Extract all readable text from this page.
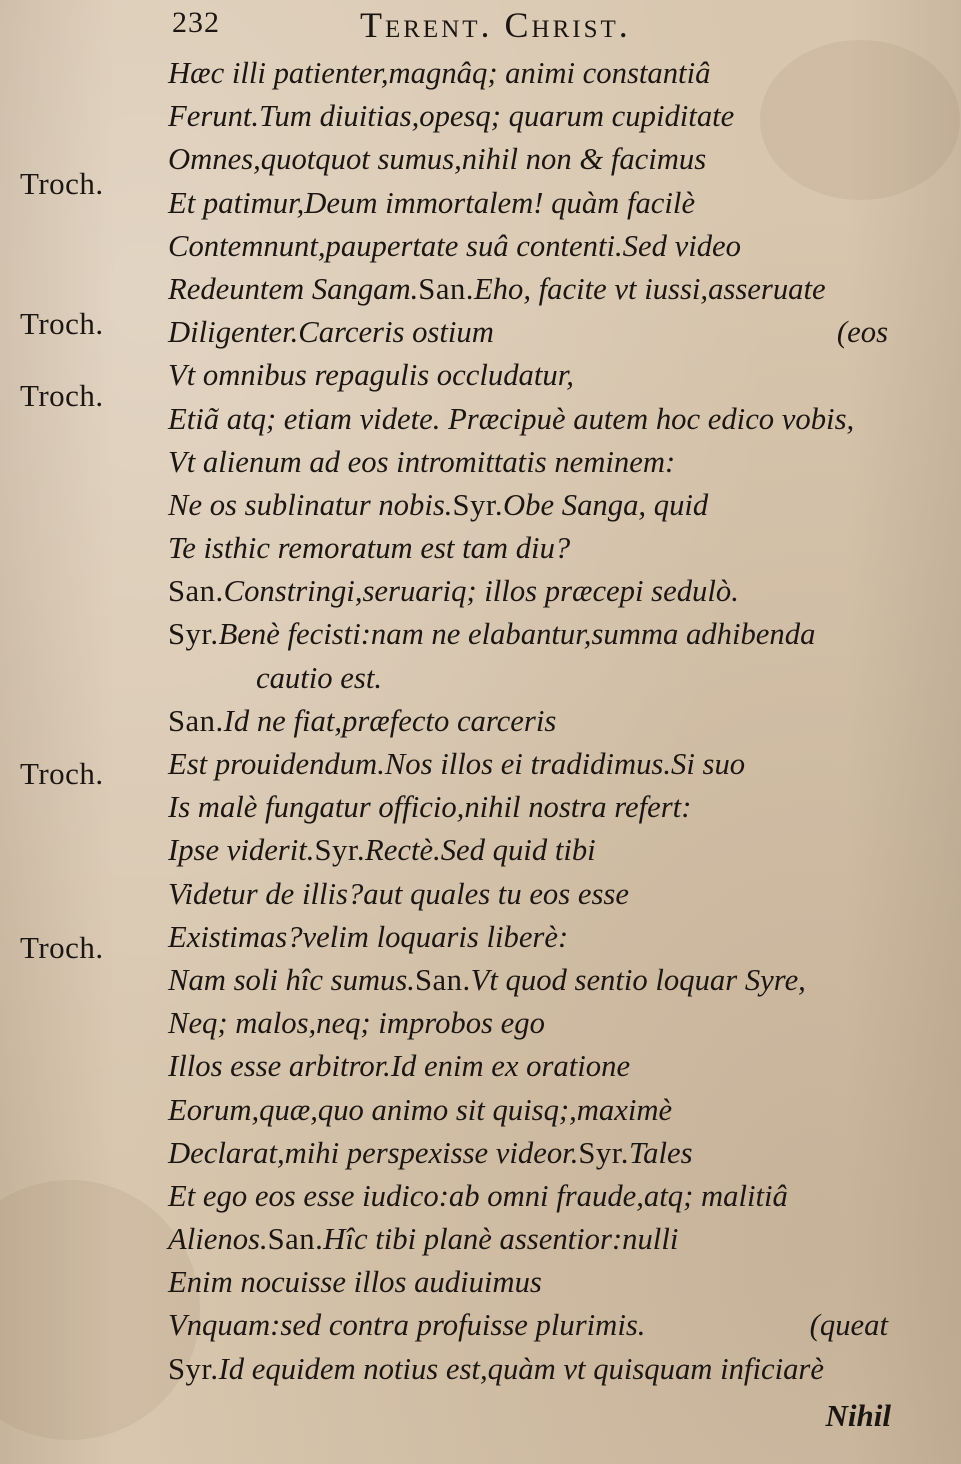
232	Terent. Christ.
Troch.
Troch.
Troch.
Troch.
Troch.
Hæc illi patienter,magnâq; animi constantiâ
Ferunt.Tum diuitias,opesq; quarum cupiditate
Omnes,quotquot sumus,nihil non & facimus
Et patimur,Deum immortalem! quàm facilè
Contemnunt,paupertate suâ contenti.Sed video
Redeuntem Sangam.San.Eho, facite vt iussi,asseruate
Diligenter.Carceris ostium	(eos
Vt omnibus repagulis occludatur,
Etiã atq; etiam videte. Præcipuè autem hoc edico vobis,
Vt alienum ad eos intromittatis neminem:
Ne os sublinatur nobis.Syr.Obe Sanga, quid
Te isthic remoratum est tam diu?
San.Constringi,seruariq; illos præcepi sedulò.
Syr.Benè fecisti:nam ne elabantur,summa adhibenda
cautio est.
San.Id ne fiat,præfecto carceris
Est prouidendum.Nos illos ei tradidimus.Si suo
Is malè fungatur officio,nihil nostra refert:
Ipse viderit.Syr.Rectè.Sed quid tibi
Videtur de illis?aut quales tu eos esse
Existimas?velim loquaris liberè:
Nam soli hîc sumus.San.Vt quod sentio loquar Syre,
Neq; malos,neq; improbos ego
Illos esse arbitror.Id enim ex oratione
Eorum,quæ,quo animo sit quisq;,maximè
Declarat,mihi perspexisse videor.Syr.Tales
Et ego eos esse iudico:ab omni fraude,atq; malitiâ
Alienos.San.Hîc tibi planè assentior:nulli
Enim nocuisse illos audiuimus
Vnquam:sed contra profuisse plurimis.	(queat
Syr.Id equidem notius est,quàm vt quisquam inficiarè
Nihil
